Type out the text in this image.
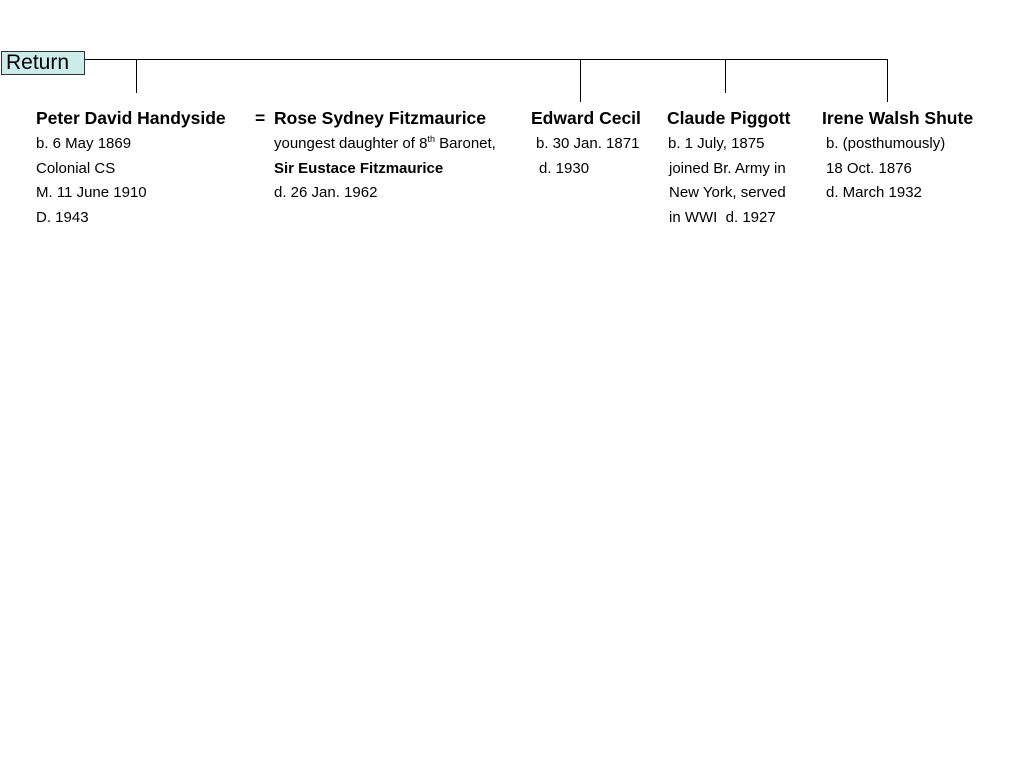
Return
Peter David Handyside = Rose Sydney Fitzmaurice	Edward Cecil Claude Piggott Irene Walsh Shute
b. 6 May 1869
Colonial CS
M. 11 June 1910
D. 1943
youngest daughter of 8th Baronet,
Sir Eustace Fitzmaurice
d. 26 Jan. 1962
b. 30 Jan. 1871
d. 1930
b. 1 July, 1875
joined Br. Army in
New York, served
in WWI  d. 1927
b. (posthumously)
18 Oct. 1876
d. March 1932
